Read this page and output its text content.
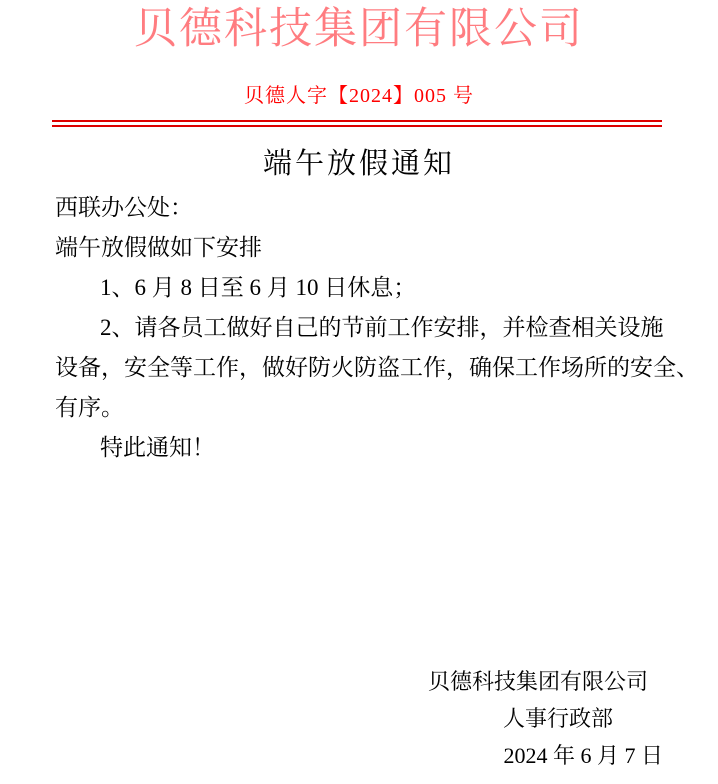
贝德科技集团有限公司
贝德人字【2024】005 号
端午放假通知
西联办公处：
端午放假做如下安排
1、6 月 8 日至 6 月 10 日休息；
2、请各员工做好自己的节前工作安排，并检查相关设施
设备，安全等工作，做好防火防盗工作，确保工作场所的安全、
有序。
特此通知！
贝德科技集团有限公司
人事行政部
2024 年 6 月 7 日
